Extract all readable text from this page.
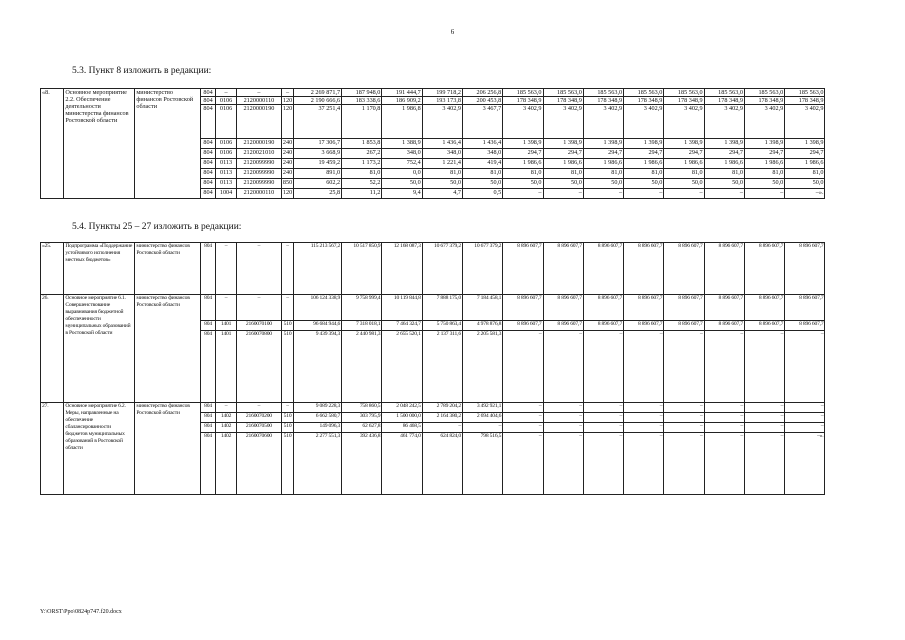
6
5.3. Пункт 8 изложить в редакции:
5.4. Пункты 25 – 27 изложить в редакции:
«8.	Основное мероприятие 2.2. Обеспечение деятельности министерства финансов Ростовской области	министерство финансов Ростовской области	804	–	–	–	2 269 871,7	187 948,0	191 444,7	199 718,2	206 256,8	185 563,0	185 563,0	185 563,0	185 563,0	185 563,0	185 563,0	185 563,0	185 563,0
			804	0106	2120000110	120	2 190 666,6	183 338,6	186 909,2	193 173,8	200 453,8	178 348,9	178 348,9	178 348,9	178 348,9	178 348,9	178 348,9	178 348,9	178 348,9
			804	0106	2120000190	120	37 251,4	1 170,8	1 986,8	3 402,9	3 467,7	3 402,9	3 402,9	3 402,9	3 402,9	3 402,9	3 402,9	3 402,9	3 402,9
			804	0106	2120000190	240	17 306,7	1 853,8	1 388,9	1 436,4	1 436,4	1 398,9	1 398,9	1 398,9	1 398,9	1 398,9	1 398,9	1 398,9	1 398,9
			804	0106	2120021010	240	3 668,9	267,2	348,0	348,0	348,0	294,7	294,7	294,7	294,7	294,7	294,7	294,7	294,7
			804	0113	2120099990	240	19 459,2	1 173,2	752,4	1 221,4	419,4	1 986,6	1 986,6	1 986,6	1 986,6	1 986,6	1 986,6	1 986,6	1 986,6
			804	0113	2120099990	240	891,0	81,0	0,0	81,0	81,0	81,0	81,0	81,0	81,0	81,0	81,0	81,0	81,0
			804	0113	2120099990	850	602,2	52,2	50,0	50,0	50,0	50,0	50,0	50,0	50,0	50,0	50,0	50,0	50,0
			804	1004	2120000110	120	25,8	11,2	9,4	4,7	0,5	–	–	–	–	–	–	–	–».
«25.	Подпрограмма «Поддержание устойчивого исполнения местных бюджетов»	министерство финансов Ростовской области	804	–	–	–	115 213 567,2	10 517 850,9	12 168 087,3	10 677 379,2	10 677 379,2	8 896 607,7	8 896 607,7	8 896 607,7	8 896 607,7	8 896 607,7	8 896 607,7	8 896 607,7	8 896 607,7
26.	Основное мероприятие 6.1. Совершенствование выравнивания бюджетной обеспеченности муниципальных образований в Ростовской области	министерство финансов Ростовской области	804	–	–	–	106 124 338,9	9 758 999,4	10 119 844,8	7 888 175,0	7 184 458,1	8 896 607,7	8 896 607,7	8 896 607,7	8 896 607,7	8 896 607,7	8 896 607,7	8 896 607,7	8 896 607,7
			804	1401	2160070100	510	96 684 944,6	7 318 018,1	7 464 324,7	5 750 863,4	4 978 876,8	8 896 607,7	8 896 607,7	8 896 607,7	8 896 607,7	8 896 607,7	8 896 607,7	8 896 607,7	8 896 607,7
			804	1401	2160070800	510	9 439 394,3	2 440 981,3	2 655 520,1	2 137 311,6	2 205 581,3	–	–	–	–	–	–	–	–
27.	Основное мероприятие 6.2. Меры, направленные на обеспечение сбалансированности бюджетов муниципальных образований в Ростовской области	министерство финансов Ростовской области	804	–	–	–	9 089 228,3	758 860,5	2 048 242,5	2 789 204,2	3 492 921,1	–	–	–	–	–	–	–	–
			804	1402	2160070200	510	6 662 580,7	303 795,9	1 500 000,0	2 164 380,2	2 694 404,6	–	–	–	–	–	–	–	–
			804	1402	2160070500	510	149 096,3	62 627,8	86 468,5	–	–	–	–	–	–	–	–	–	–
			804	1402	2160070600	510	2 277 551,3	392 436,8	461 774,0	624 824,0	798 516,5	–	–	–	–	–	–	–	–».
Y:\ORST\Ppo\0824p747.f20.docx
